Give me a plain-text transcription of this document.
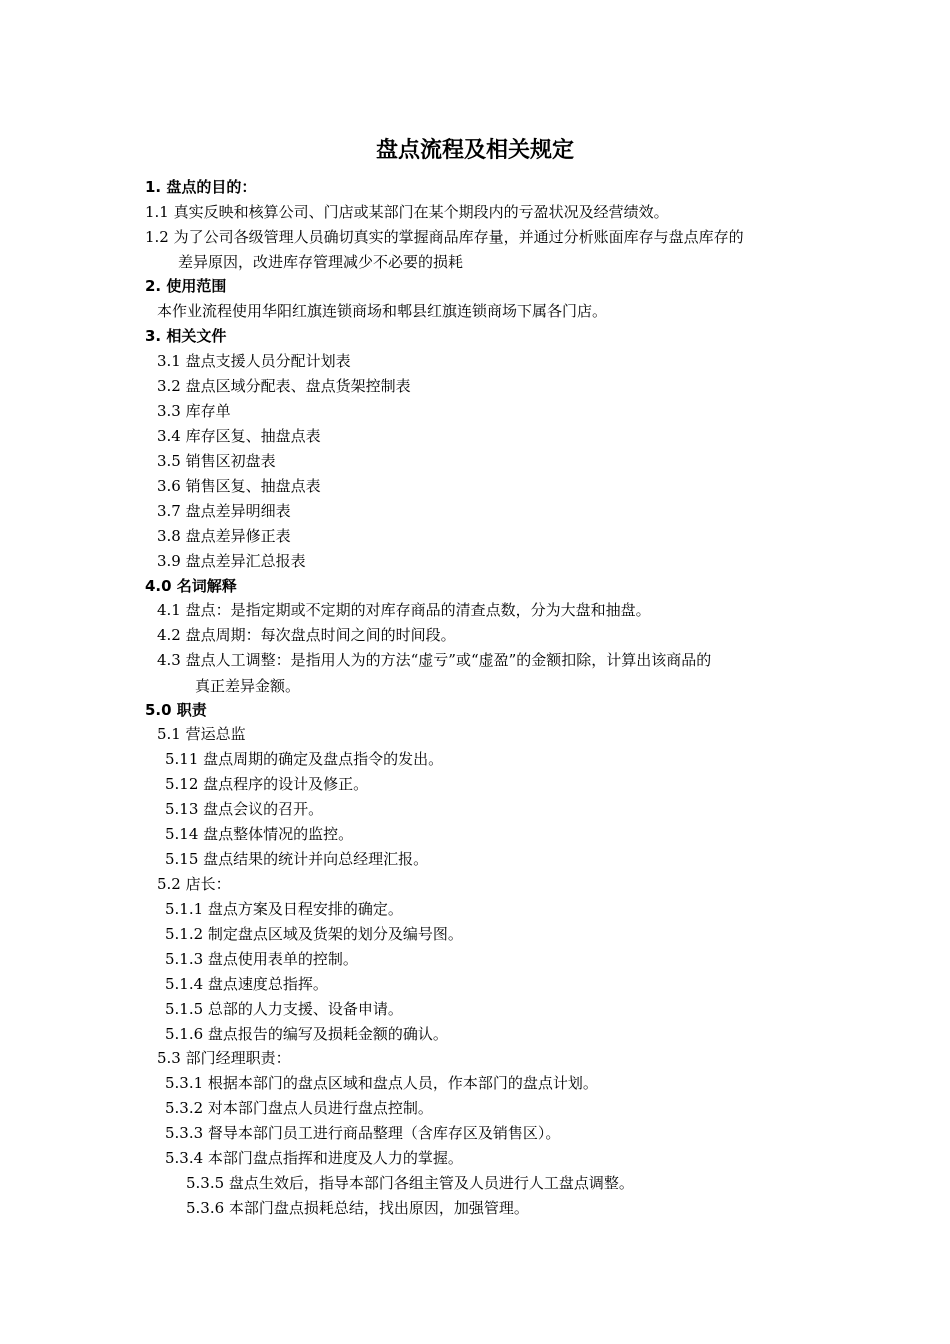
盘点流程及相关规定
1. 盘点的目的：
1.1 真实反映和核算公司、门店或某部门在某个期段内的亏盈状况及经营绩效。
1.2 为了公司各级管理人员确切真实的掌握商品库存量，并通过分析账面库存与盘点库存的
差异原因，改进库存管理减少不必要的损耗
2. 使用范围
本作业流程使用华阳红旗连锁商场和郫县红旗连锁商场下属各门店。
3. 相关文件
3.1 盘点支援人员分配计划表
3.2 盘点区域分配表、盘点货架控制表
3.3 库存单
3.4 库存区复、抽盘点表
3.5 销售区初盘表
3.6 销售区复、抽盘点表
3.7 盘点差异明细表
3.8 盘点差异修正表
3.9 盘点差异汇总报表
4.0 名词解释
4.1 盘点：是指定期或不定期的对库存商品的清查点数，分为大盘和抽盘。
4.2 盘点周期：每次盘点时间之间的时间段。
4.3 盘点人工调整：是指用人为的方法“虚亏”或“虚盈”的金额扣除，计算出该商品的
真正差异金额。
5.0 职责
5.1 营运总监
5.11 盘点周期的确定及盘点指令的发出。
5.12 盘点程序的设计及修正。
5.13 盘点会议的召开。
5.14 盘点整体情况的监控。
5.15 盘点结果的统计并向总经理汇报。
5.2 店长：
5.1.1 盘点方案及日程安排的确定。
5.1.2 制定盘点区域及货架的划分及编号图。
5.1.3 盘点使用表单的控制。
5.1.4 盘点速度总指挥。
5.1.5 总部的人力支援、设备申请。
5.1.6 盘点报告的编写及损耗金额的确认。
5.3 部门经理职责：
5.3.1 根据本部门的盘点区域和盘点人员，作本部门的盘点计划。
5.3.2 对本部门盘点人员进行盘点控制。
5.3.3 督导本部门员工进行商品整理（含库存区及销售区）。
5.3.4 本部门盘点指挥和进度及人力的掌握。
5.3.5 盘点生效后，指导本部门各组主管及人员进行人工盘点调整。
5.3.6 本部门盘点损耗总结，找出原因，加强管理。
